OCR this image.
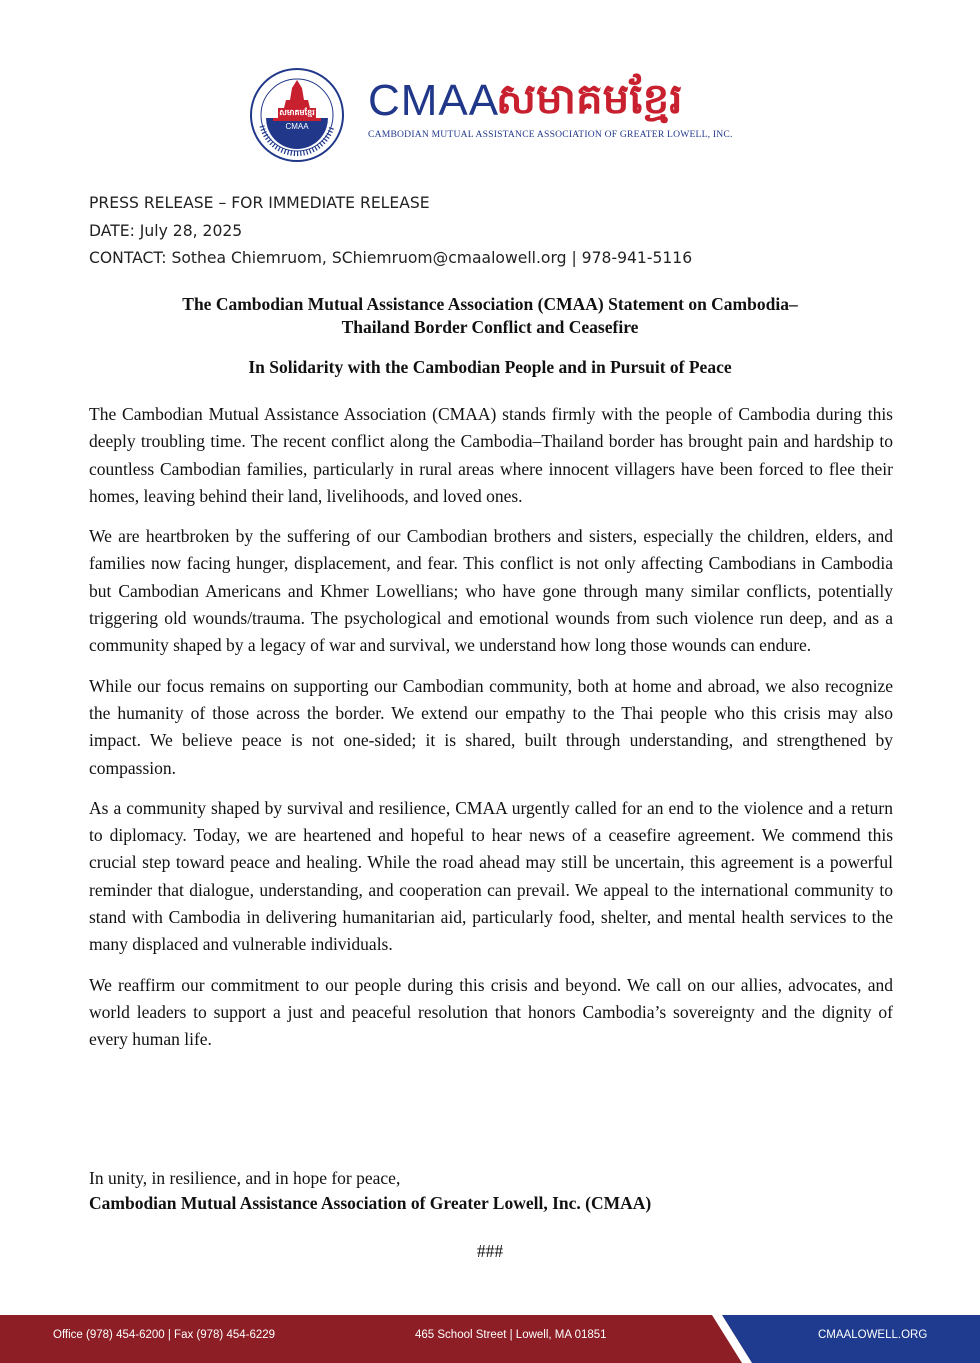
សមាគមខ្មែរ
CMAA
CMAA
សមាគមខ្មែរ
CAMBODIAN MUTUAL ASSISTANCE ASSOCIATION OF GREATER LOWELL, INC.
PRESS RELEASE – FOR IMMEDIATE RELEASE
DATE: July 28, 2025
CONTACT: Sothea Chiemruom, SChiemruom@cmaalowell.org | 978-941-5116
The Cambodian Mutual Assistance Association (CMAA) Statement on Cambodia–
Thailand Border Conflict and Ceasefire
In Solidarity with the Cambodian People and in Pursuit of Peace

The Cambodian Mutual Assistance Association (CMAA) stands firmly with the people of Cambodia during this deeply troubling time. The recent conflict along the Cambodia–Thailand border has brought pain and hardship to countless Cambodian families, particularly in rural areas where innocent villagers have been forced to flee their homes, leaving behind their land, livelihoods, and loved ones.

We are heartbroken by the suffering of our Cambodian brothers and sisters, especially the children, elders, and families now facing hunger, displacement, and fear. This conflict is not only affecting Cambodians in Cambodia but Cambodian Americans and Khmer Lowellians; who have gone through many similar conflicts, potentially triggering old wounds/trauma. The psychological and emotional wounds from such violence run deep, and as a community shaped by a legacy of war and survival, we understand how long those wounds can endure.

While our focus remains on supporting our Cambodian community, both at home and abroad, we also recognize the humanity of those across the border. We extend our empathy to the Thai people who this crisis may also impact. We believe peace is not one-sided; it is shared, built through understanding, and strengthened by compassion.

As a community shaped by survival and resilience, CMAA urgently called for an end to the violence and a return to diplomacy. Today, we are heartened and hopeful to hear news of a ceasefire agreement. We commend this crucial step toward peace and healing. While the road ahead may still be uncertain, this agreement is a powerful reminder that dialogue, understanding, and cooperation can prevail. We appeal to the international community to stand with Cambodia in delivering humanitarian aid, particularly food, shelter, and mental health services to the many displaced and vulnerable individuals.

We reaffirm our commitment to our people during this crisis and beyond. We call on our allies, advocates, and world leaders to support a just and peaceful resolution that honors Cambodia’s sovereignty and the dignity of every human life.

In unity, in resilience, and in hope for peace,
Cambodian Mutual Assistance Association of Greater Lowell, Inc. (CMAA)
###
Office (978) 454-6200 | Fax (978) 454-6229	465 School Street | Lowell, MA 01851	CMAALOWELL.ORG
